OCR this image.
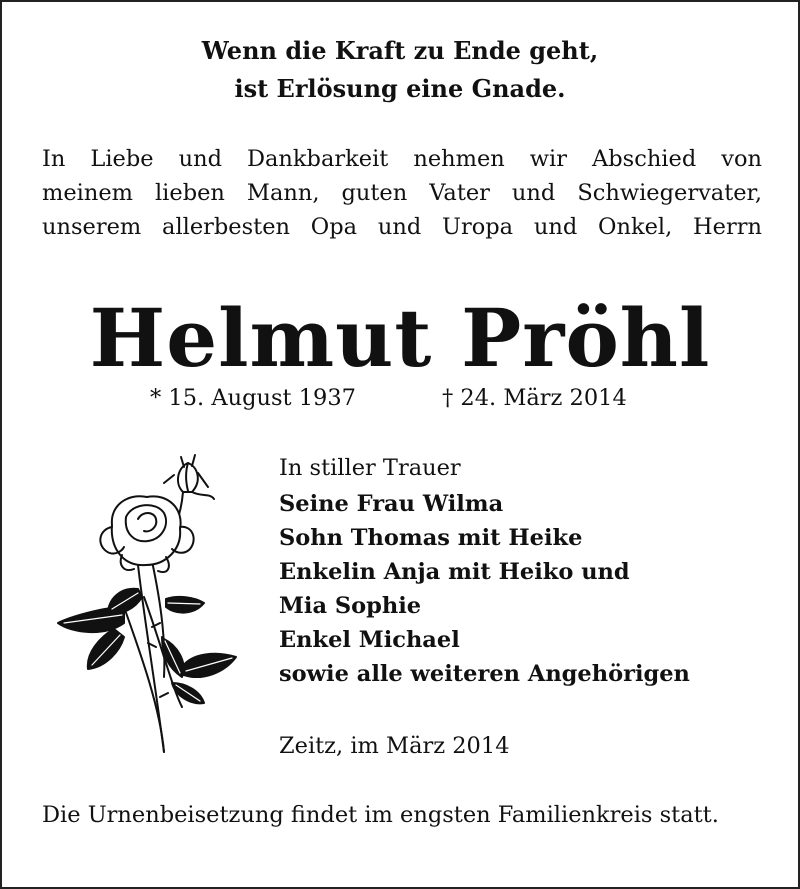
Wenn die Kraft zu Ende geht,
ist Erlösung eine Gnade.
In Liebe und Dankbarkeit nehmen wir Abschied von
meinem lieben Mann, guten Vater und Schwiegervater,
unserem allerbesten Opa und Uropa und Onkel, Herrn
Helmut Pröhl
* 15. August 1937	† 24. März 2014
In stiller Trauer
Seine Frau Wilma
Sohn Thomas mit Heike
Enkelin Anja mit Heiko und
Mia Sophie
Enkel Michael
sowie alle weiteren Angehörigen
Zeitz, im März 2014
Die Urnenbeisetzung findet im engsten Familienkreis statt.
